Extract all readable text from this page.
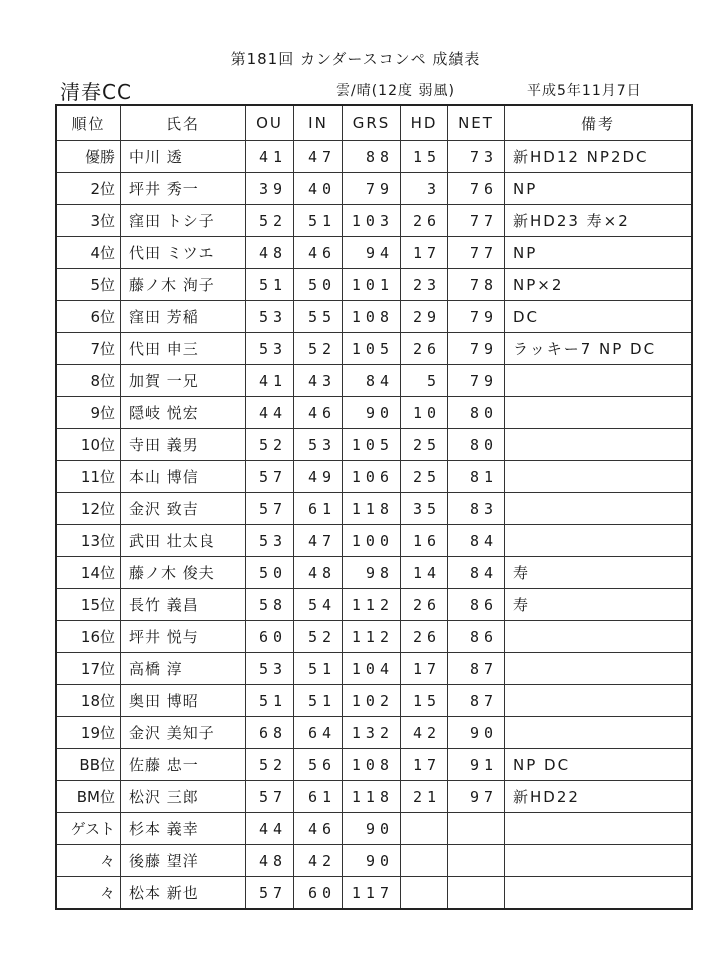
第181回 カンダースコンペ 成績表
清春CC	雲/晴(12度 弱風)	平成5年11月7日
順位	氏名	OU	IN	GRS	HD	NET	備考
優勝	中川 透	41	47	88	15	73	新HD12 NP2DC
2位	坪井 秀一	39	40	79	3	76	NP
3位	窪田 トシ子	52	51	103	26	77	新HD23 寿×2
4位	代田 ミツエ	48	46	94	17	77	NP
5位	藤ノ木 洵子	51	50	101	23	78	NP×2
6位	窪田 芳稲	53	55	108	29	79	DC
7位	代田 申三	53	52	105	26	79	ラッキー7 NP DC
8位	加賀 一兄	41	43	84	5	79	
9位	隠岐 悦宏	44	46	90	10	80	
10位	寺田 義男	52	53	105	25	80	
11位	本山 博信	57	49	106	25	81	
12位	金沢 致吉	57	61	118	35	83	
13位	武田 壮太良	53	47	100	16	84	
14位	藤ノ木 俊夫	50	48	98	14	84	寿
15位	長竹 義昌	58	54	112	26	86	寿
16位	坪井 悦与	60	52	112	26	86	
17位	高橋 淳	53	51	104	17	87	
18位	奥田 博昭	51	51	102	15	87	
19位	金沢 美知子	68	64	132	42	90	
BB位	佐藤 忠一	52	56	108	17	91	NP DC
BM位	松沢 三郎	57	61	118	21	97	新HD22
ゲスト	杉本 義幸	44	46	90			
々	後藤 望洋	48	42	90			
々	松本 新也	57	60	117			
